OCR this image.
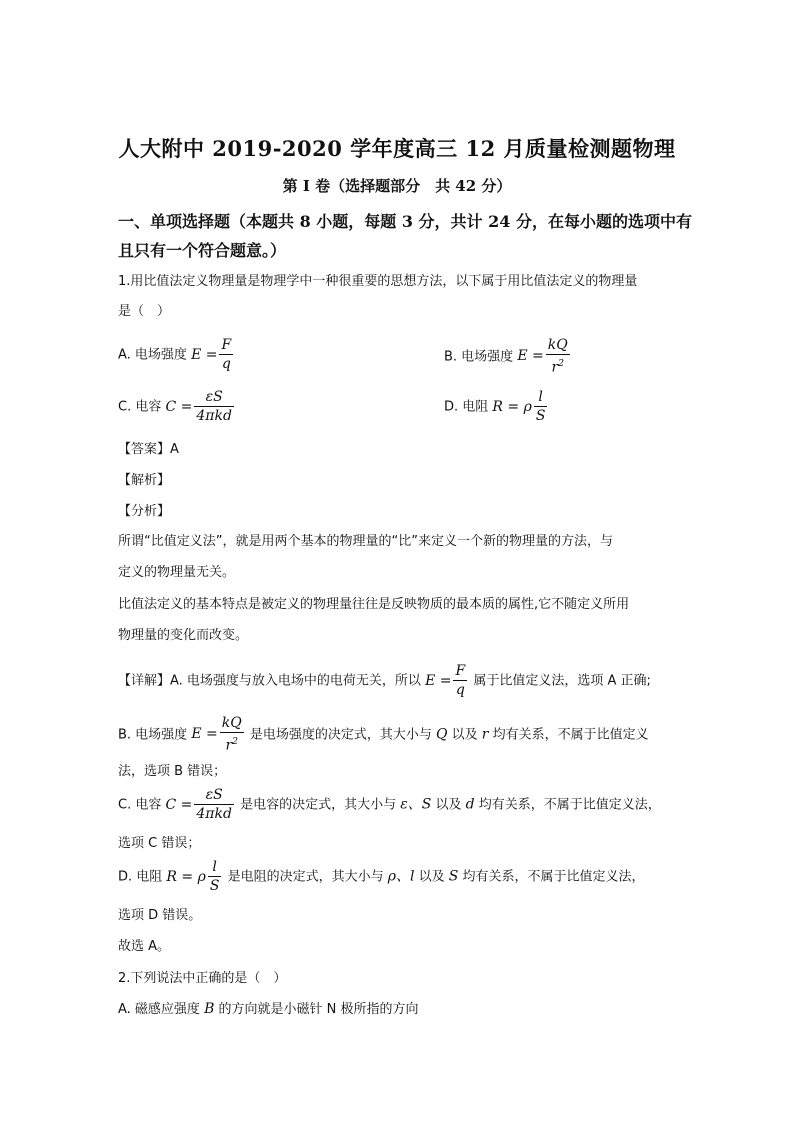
人大附中 2019-2020 学年度高三 12 月质量检测题物理
第 I 卷（选择题部分　共 42 分）
一、单项选择题（本题共 8 小题，每题 3 分，共计 24 分，在每小题的选项中有
且只有一个符合题意。）
1.用比值法定义物理量是物理学中一种很重要的思想方法，以下属于用比值法定义的物理量
是（　）
A. 电场强度 $E = \frac{F}{q}$	B. 电场强度 $E = \frac{kQ}{r^2}$
C. 电容 $C = \frac{\varepsilon S}{\text{4πkd}}$	D. 电阻 R = ρ $\frac{l}{S}$
【答案】A
【解析】
【分析】
所谓“比值定义法”，就是用两个基本的物理量的“比”来定义一个新的物理量的方法，与
定义的物理量无关。
比值法定义的基本特点是被定义的物理量往往是反映物质的最本质的属性,它不随定义所用
物理量的变化而改变。
【详解】A. 电场强度与放入电场中的电荷无关，所以 $E = \frac{F}{q}$ 属于比值定义法，选项 A 正确;
B. 电场强度 $E = \frac{kQ}{r^2}$ 是电场强度的决定式，其大小与 Q 以及 r 均有关系，不属于比值定义
法，选项 B 错误；
C. 电容 $C = \frac{\varepsilon S}{\text{4πkd}}$ 是电容的决定式，其大小与 ε、S 以及 d 均有关系，不属于比值定义法，
选项 C 错误；
D. 电阻 R = ρ $\frac{l}{S}$ 是电阻的决定式，其大小与 ρ、l 以及 S 均有关系，不属于比值定义法，
选项 D 错误。
故选 A。
2.下列说法中正确的是（　）
A. 磁感应强度 B 的方向就是小磁针 N 极所指的方向
